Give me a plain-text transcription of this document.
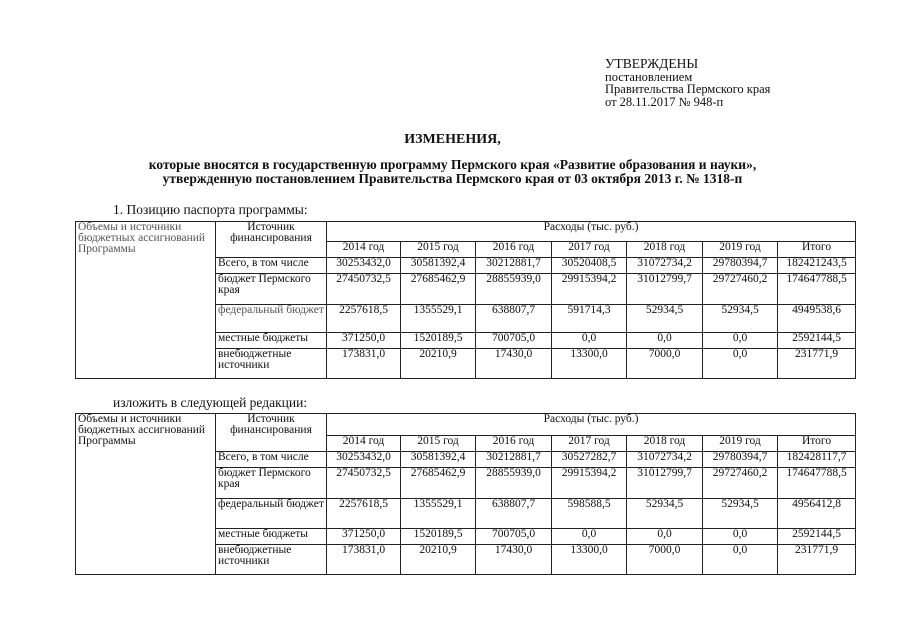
УТВЕРЖДЕНЫ
постановлением
Правительства Пермского края
от 28.11.2017 № 948-п
ИЗМЕНЕНИЯ,
которые вносятся в государственную программу Пермского края «Развитие образования и науки»,
утвержденную постановлением Правительства Пермского края от 03 октября 2013 г. № 1318-п
1. Позицию паспорта программы:
Объемы и источники бюджетных ассигнований Программы	Источник финансирования	Расходы (тыс. руб.)						
		2014 год	2015 год	2016 год	2017 год	2018 год	2019 год	Итого
	Всего, в том числе	30253432,0	30581392,4	30212881,7	30520408,5	31072734,2	29780394,7	182421243,5
	бюджет Пермского края	27450732,5	27685462,9	28855939,0	29915394,2	31012799,7	29727460,2	174647788,5
	федеральный бюджет	2257618,5	1355529,1	638807,7	591714,3	52934,5	52934,5	4949538,6
	местные бюджеты	371250,0	1520189,5	700705,0	0,0	0,0	0,0	2592144,5
	внебюджетные источники	173831,0	20210,9	17430,0	13300,0	7000,0	0,0	231771,9
изложить в следующей редакции:
Объемы и источники бюджетных ассигнований Программы	Источник финансирования	Расходы (тыс. руб.)						
		2014 год	2015 год	2016 год	2017 год	2018 год	2019 год	Итого
	Всего, в том числе	30253432,0	30581392,4	30212881,7	30527282,7	31072734,2	29780394,7	182428117,7
	бюджет Пермского края	27450732,5	27685462,9	28855939,0	29915394,2	31012799,7	29727460,2	174647788,5
	федеральный бюджет	2257618,5	1355529,1	638807,7	598588,5	52934,5	52934,5	4956412,8
	местные бюджеты	371250,0	1520189,5	700705,0	0,0	0,0	0,0	2592144,5
	внебюджетные источники	173831,0	20210,9	17430,0	13300,0	7000,0	0,0	231771,9
